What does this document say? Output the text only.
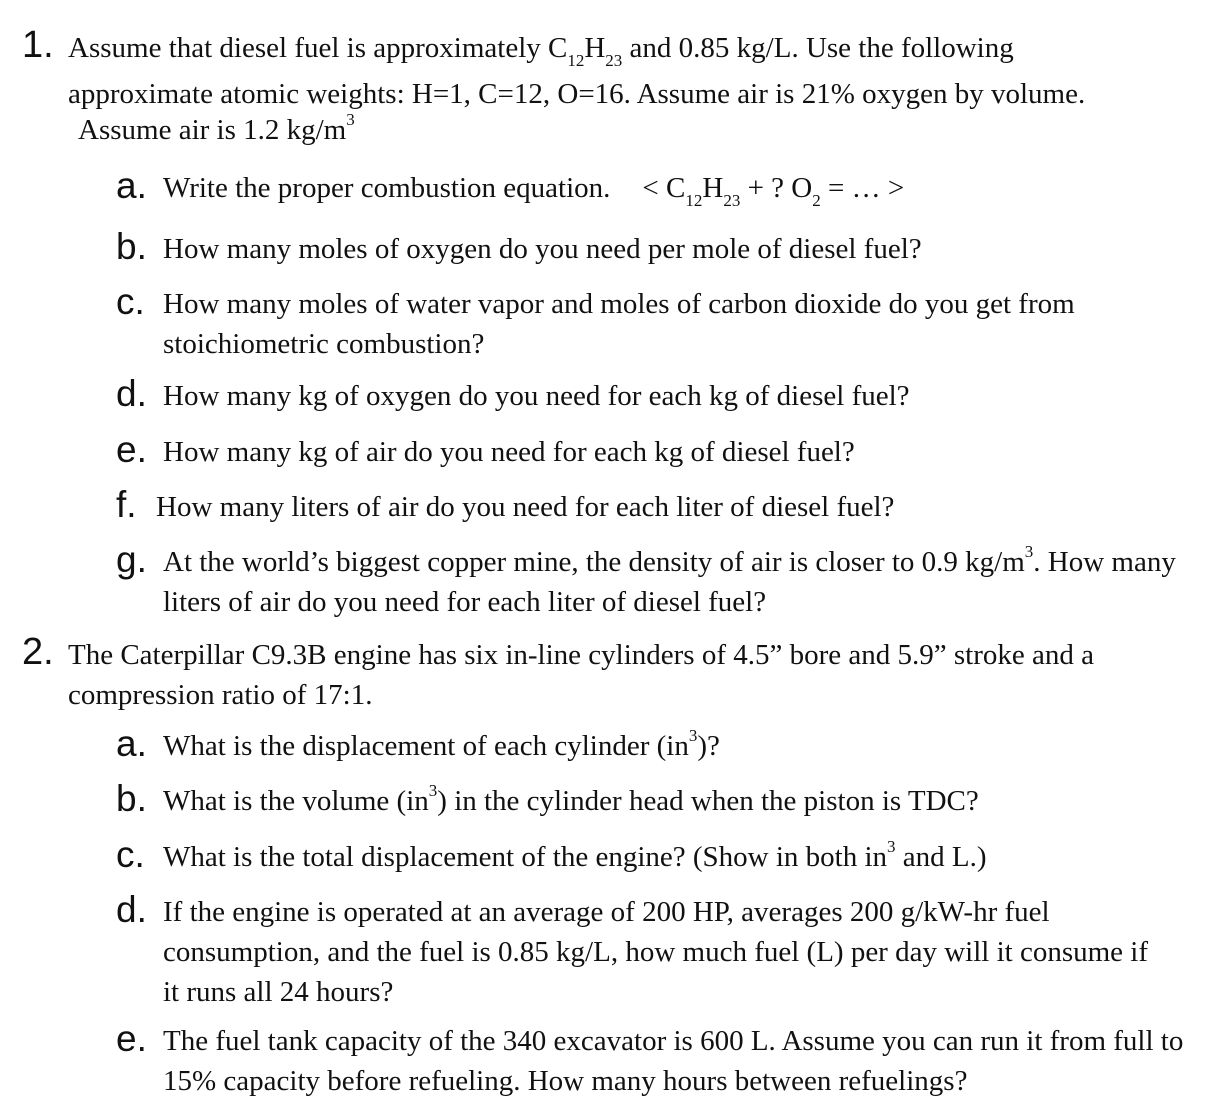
1. Assume that diesel fuel is approximately $C_{12}H_{23}$ and 0.85 kg/L. Use the following
approximate atomic weights: H=1, C=12, O=16. Assume air is 21% oxygen by volume.
Assume air is 1.2 $kg/m^3$
a. Write the proper combustion equation. < $C_{12}H_{23}$ + ? $O_2$ = … >
b. How many moles of oxygen do you need per mole of diesel fuel?
c. How many moles of water vapor and moles of carbon dioxide do you get from stoichiometric combustion?
d. How many kg of oxygen do you need for each kg of diesel fuel?
e. How many kg of air do you need for each kg of diesel fuel?
f. How many liters of air do you need for each liter of diesel fuel?
g. At the world’s biggest copper mine, the density of air is closer to 0.9 $kg/m^3$. How many liters of air do you need for each liter of diesel fuel?
2. The Caterpillar C9.3B engine has six in-line cylinders of 4.5” bore and 5.9” stroke and a compression ratio of 17:1.
a. What is the displacement of each cylinder $(in^3)$?
b. What is the volume $(in^3)$ in the cylinder head when the piston is TDC?
c. What is the total displacement of the engine? (Show in both $in^3$ and L.)
d. If the engine is operated at an average of 200 HP, averages 200 g/kW-hr fuel consumption, and the fuel is 0.85 kg/L, how much fuel (L) per day will it consume if it runs all 24 hours?
e. The fuel tank capacity of the 340 excavator is 600 L. Assume you can run it from full to 15% capacity before refueling. How many hours between refuelings?
